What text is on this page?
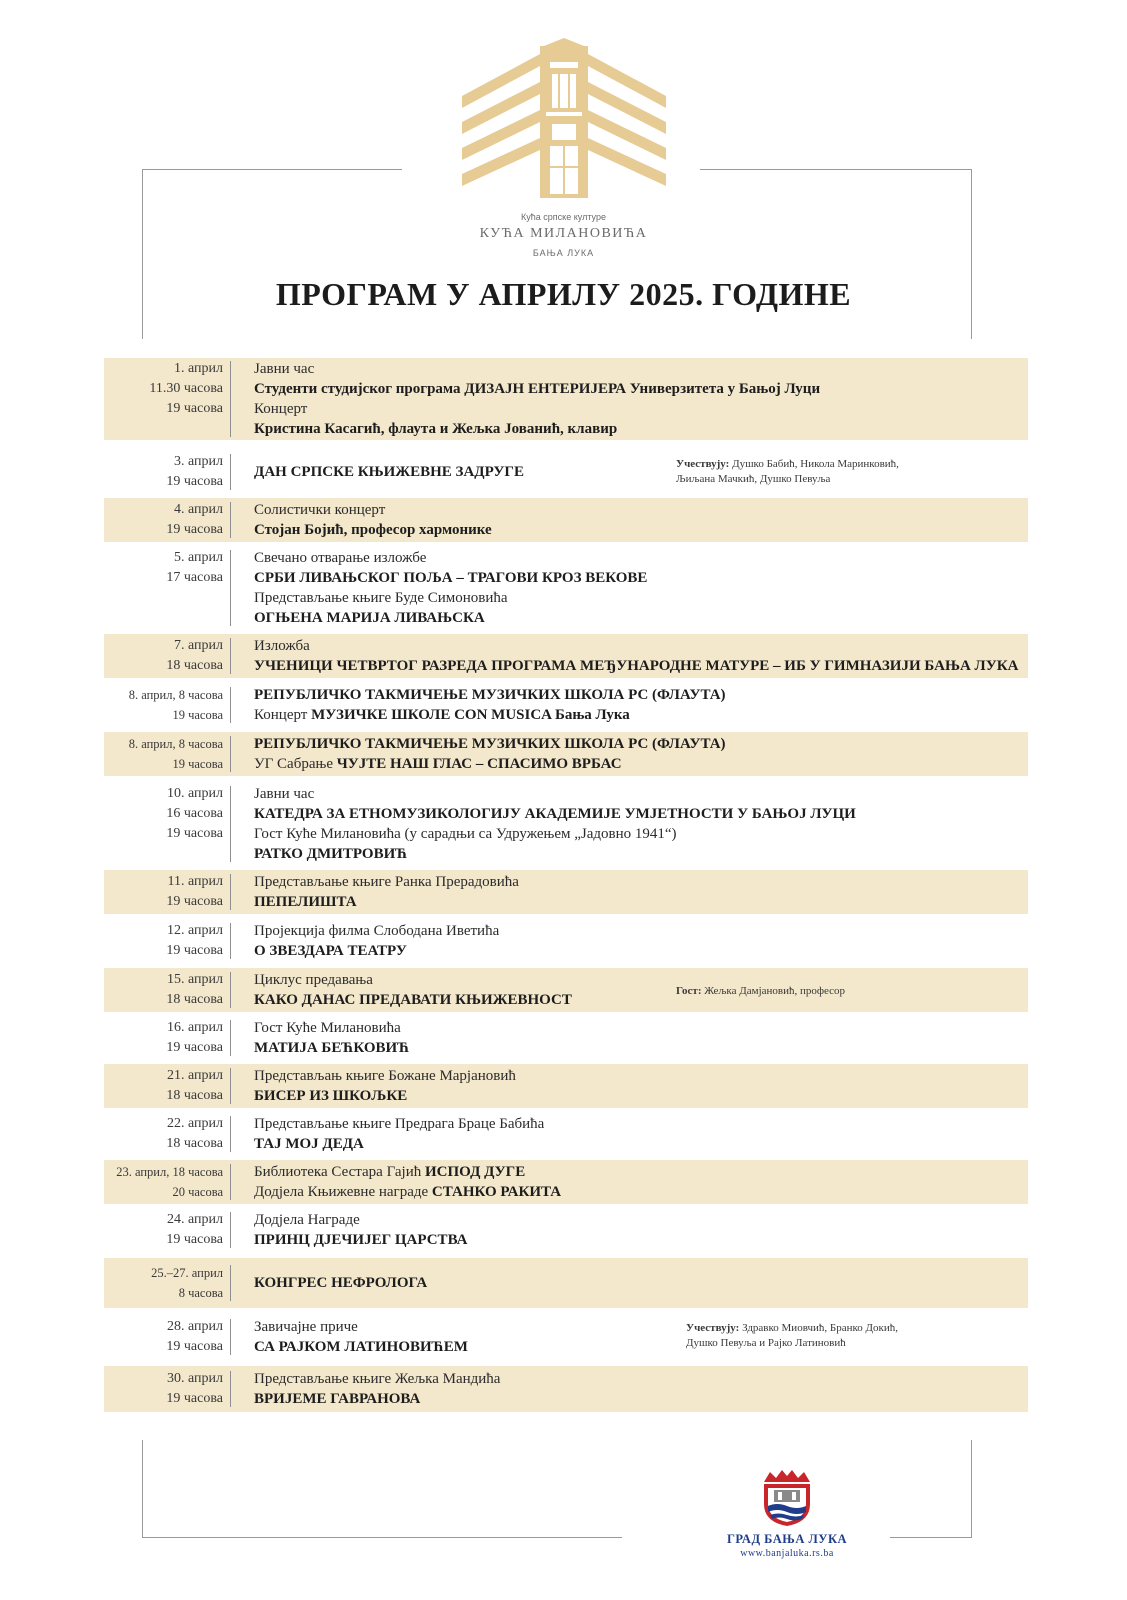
Кућа српске културе
КУЋА МИЛАНОВИЋА
БАЊА ЛУКА
ПРОГРАМ У АПРИЛУ 2025. ГОДИНЕ
1. април
11.30 часова
19 часова
Јавни час
Студенти студијског програма ДИЗАЈН ЕНТЕРИЈЕРА Универзитета у Бањој Луци
Концерт
Кристина Касагић, флаута и Жељка Јованић, клавир
3. април
19 часова
ДАН СРПСКЕ КЊИЖЕВНЕ ЗАДРУГЕ	Учествују: Душко Бабић, Никола Маринковић,
Љиљана Мачкић, Душко Певуља
4. април
19 часова
Солистички концерт
Стојан Бојић, професор хармонике
5. април
17 часова
Свечано отварање изложбе
СРБИ ЛИВАЊСКОГ ПОЉА – ТРАГОВИ КРОЗ ВЕКОВЕ
Представљање књиге Буде Симоновића
ОГЊЕНА МАРИЈА ЛИВАЊСКА
7. април
18 часова
Изложба
УЧЕНИЦИ ЧЕТВРТОГ РАЗРЕДА ПРОГРАМА МЕЂУНАРОДНЕ МАТУРЕ – ИБ У ГИМНАЗИЈИ БАЊА ЛУКА
8. април, 8 часова
19 часова
РЕПУБЛИЧКО ТАКМИЧЕЊЕ МУЗИЧКИХ ШКОЛА РС (ФЛАУТА)
Концерт МУЗИЧКЕ ШКОЛЕ CON MUSICA Бања Лука
8. април, 8 часова
19 часова
РЕПУБЛИЧКО ТАКМИЧЕЊЕ МУЗИЧКИХ ШКОЛА РС (ФЛАУТА)
УГ Сабрање ЧУЈТЕ НАШ ГЛАС – СПАСИМО ВРБАС
10. април
16 часова
19 часова
Јавни час
КАТЕДРА ЗА ЕТНОМУЗИКОЛОГИЈУ АКАДЕМИЈЕ УМЈЕТНОСТИ У БАЊОЈ ЛУЦИ
Гост Куће Милановића (у сарадњи са Удружењем „Јадовно 1941“)
РАТКО ДМИТРОВИЋ
11. април
19 часова
Представљање књиге Ранка Прерадовића
ПЕПЕЛИШТА
12. април
19 часова
Пројекција филма Слободана Иветића
О ЗВЕЗДАРА ТЕАТРУ
15. април
18 часова
Циклус предавања
КАКО ДАНАС ПРЕДАВАТИ КЊИЖЕВНОСТ
Гост: Жељка Дамјановић, професор
16. април
19 часова
Гост Куће Милановића
МАТИЈА БЕЋКОВИЋ
21. април
18 часова
Представљањ књиге Божане Марјановић
БИСЕР ИЗ ШКОЉКЕ
22. април
18 часова
Представљање књиге Предрага Браце Бабића
ТАЈ МОЈ ДЕДА
23. април, 18 часова
20 часова
Библиотека Сестара Гајић ИСПОД ДУГЕ
Додјела Књижевне награде СТАНКО РАКИТА
24. април
19 часова
Додјела Награде
ПРИНЦ ДЈЕЧИЈЕГ ЦАРСТВА
25.–27. април
8 часова
КОНГРЕС НЕФРОЛОГА
28. април
19 часова
Завичајне приче
СА РАЈКОМ ЛАТИНОВИЋЕМ
Учествују: Здравко Миовчић, Бранко Докић,
Душко Певуља и Рајко Латиновић
30. април
19 часова
Представљање књиге Жељка Мандића
ВРИЈЕМЕ ГАВРАНОВА
ГРАД БАЊА ЛУКА
www.banjaluka.rs.ba
